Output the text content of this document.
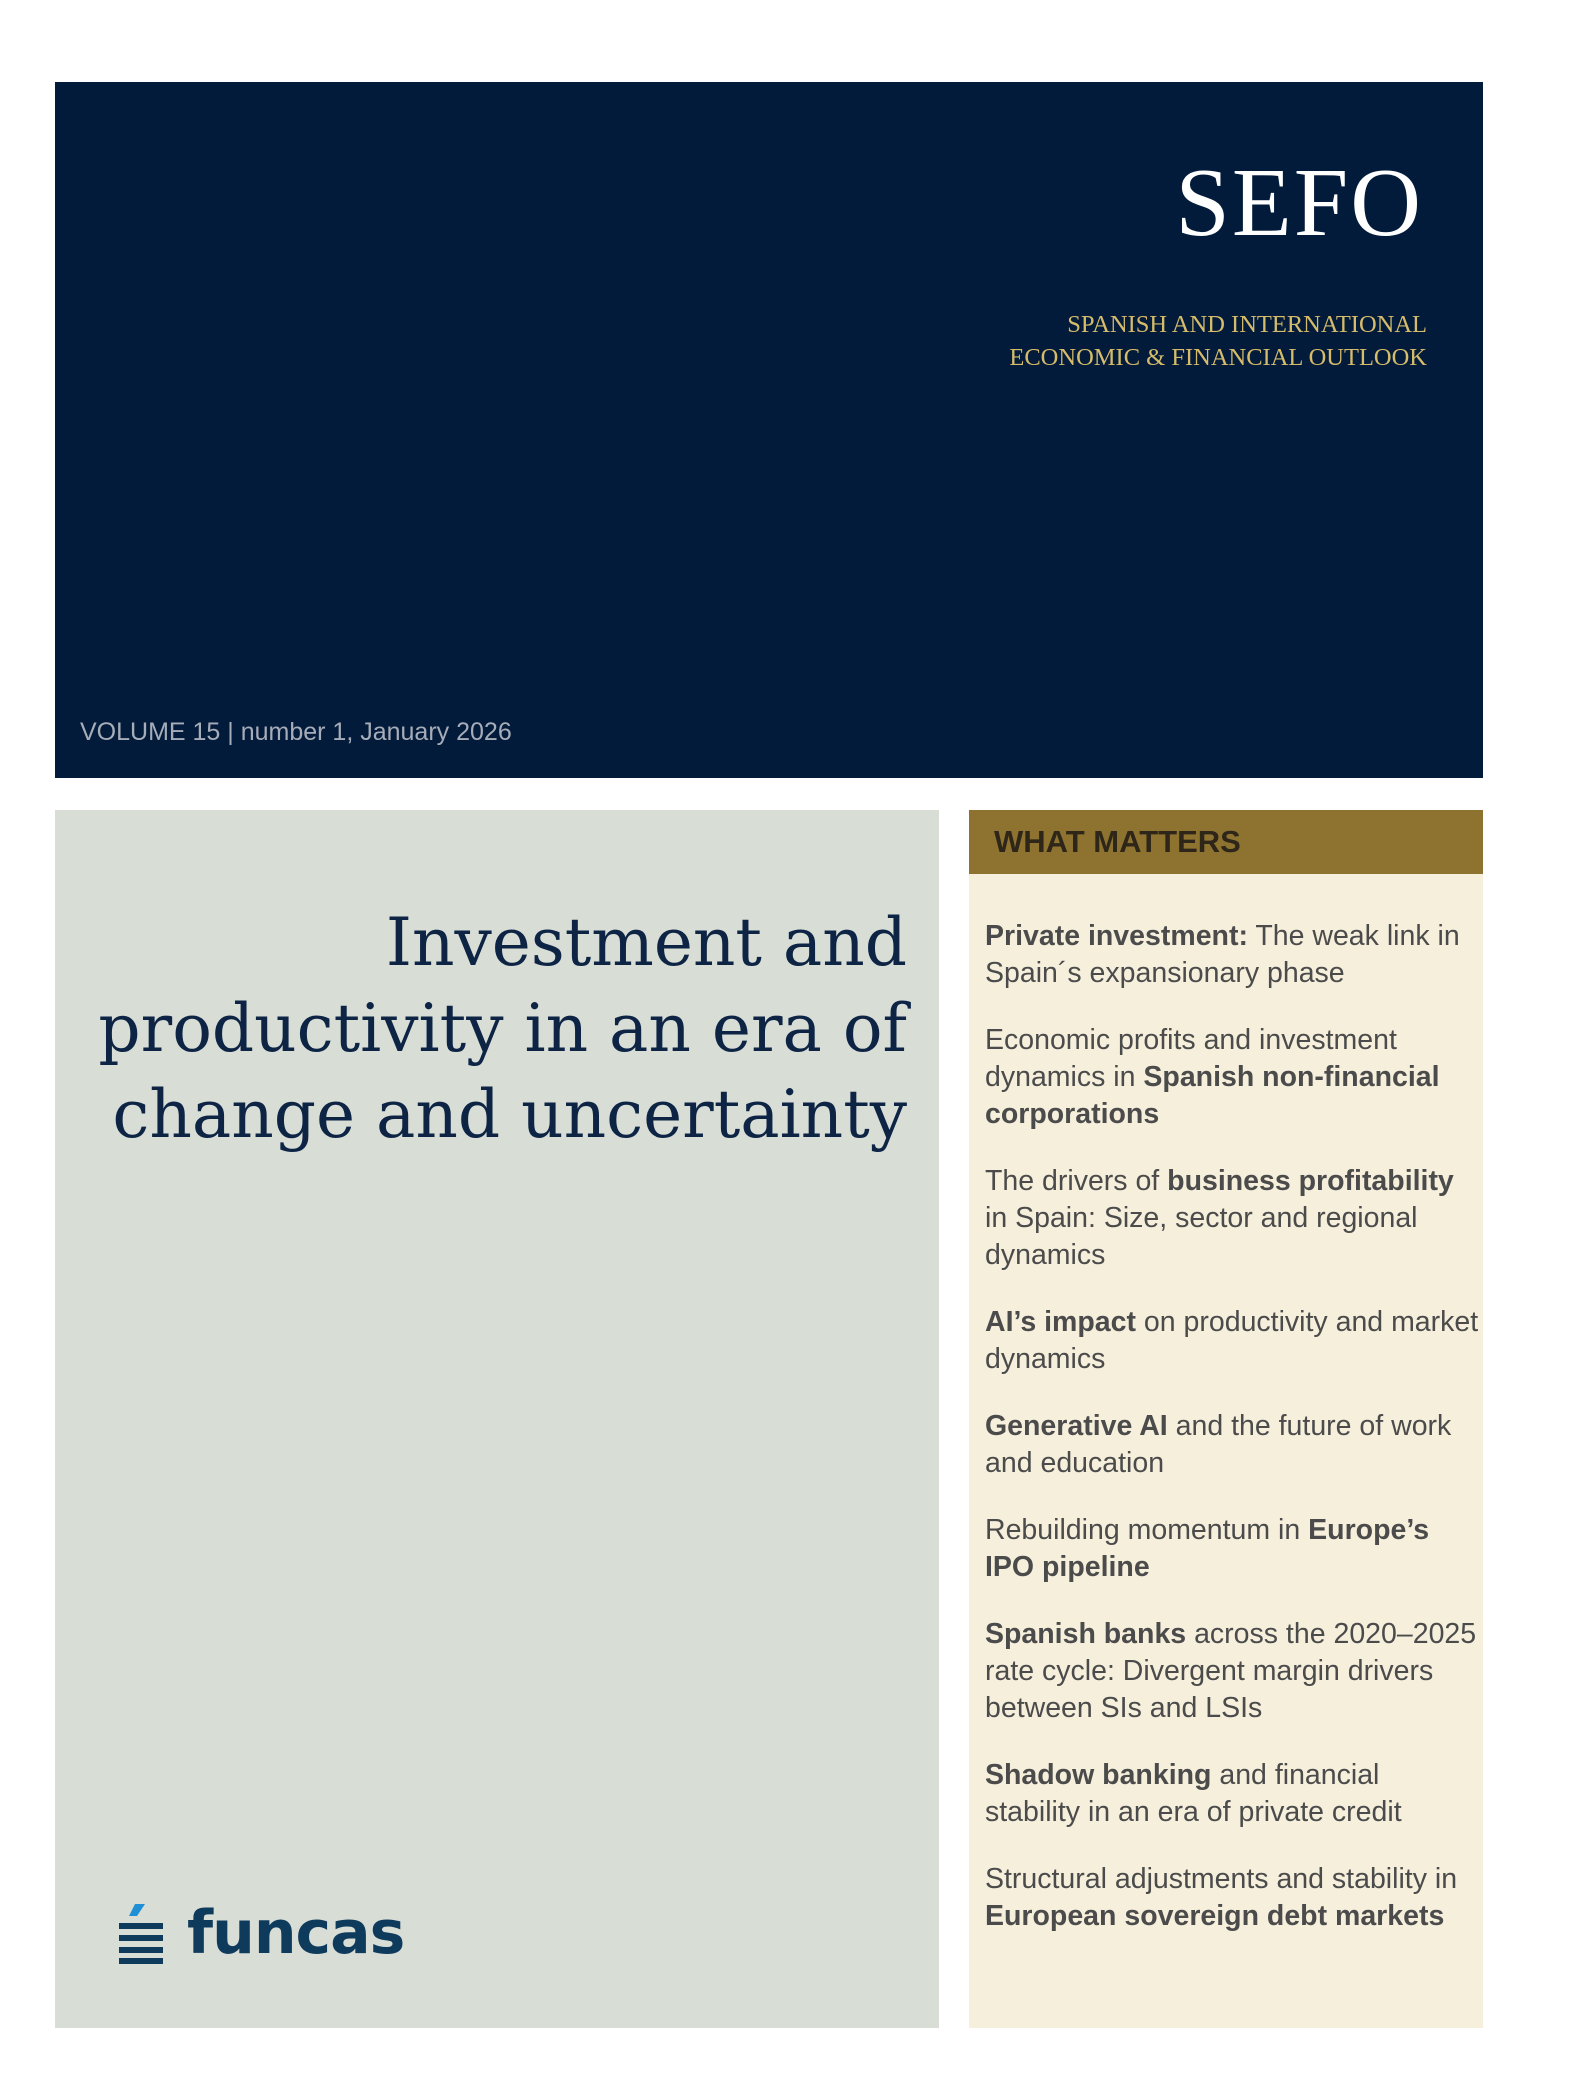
SEFO
SPANISH AND INTERNATIONAL
ECONOMIC & FINANCIAL OUTLOOK
VOLUME 15 | number 1, January 2026
Investment and
productivity in an era of
change and uncertainty
funcas
WHAT MATTERS
Private investment: The weak link in Spain´s expansionary phase
Economic profits and investment dynamics in Spanish non-financial corporations
The drivers of business profitability in Spain: Size, sector and regional dynamics
AI’s impact on productivity and market dynamics
Generative AI and the future of work and education
Rebuilding momentum in Europe’s IPO pipeline
Spanish banks across the 2020–2025 rate cycle: Divergent margin drivers between SIs and LSIs
Shadow banking and financial stability in an era of private credit
Structural adjustments and stability in European sovereign debt markets
